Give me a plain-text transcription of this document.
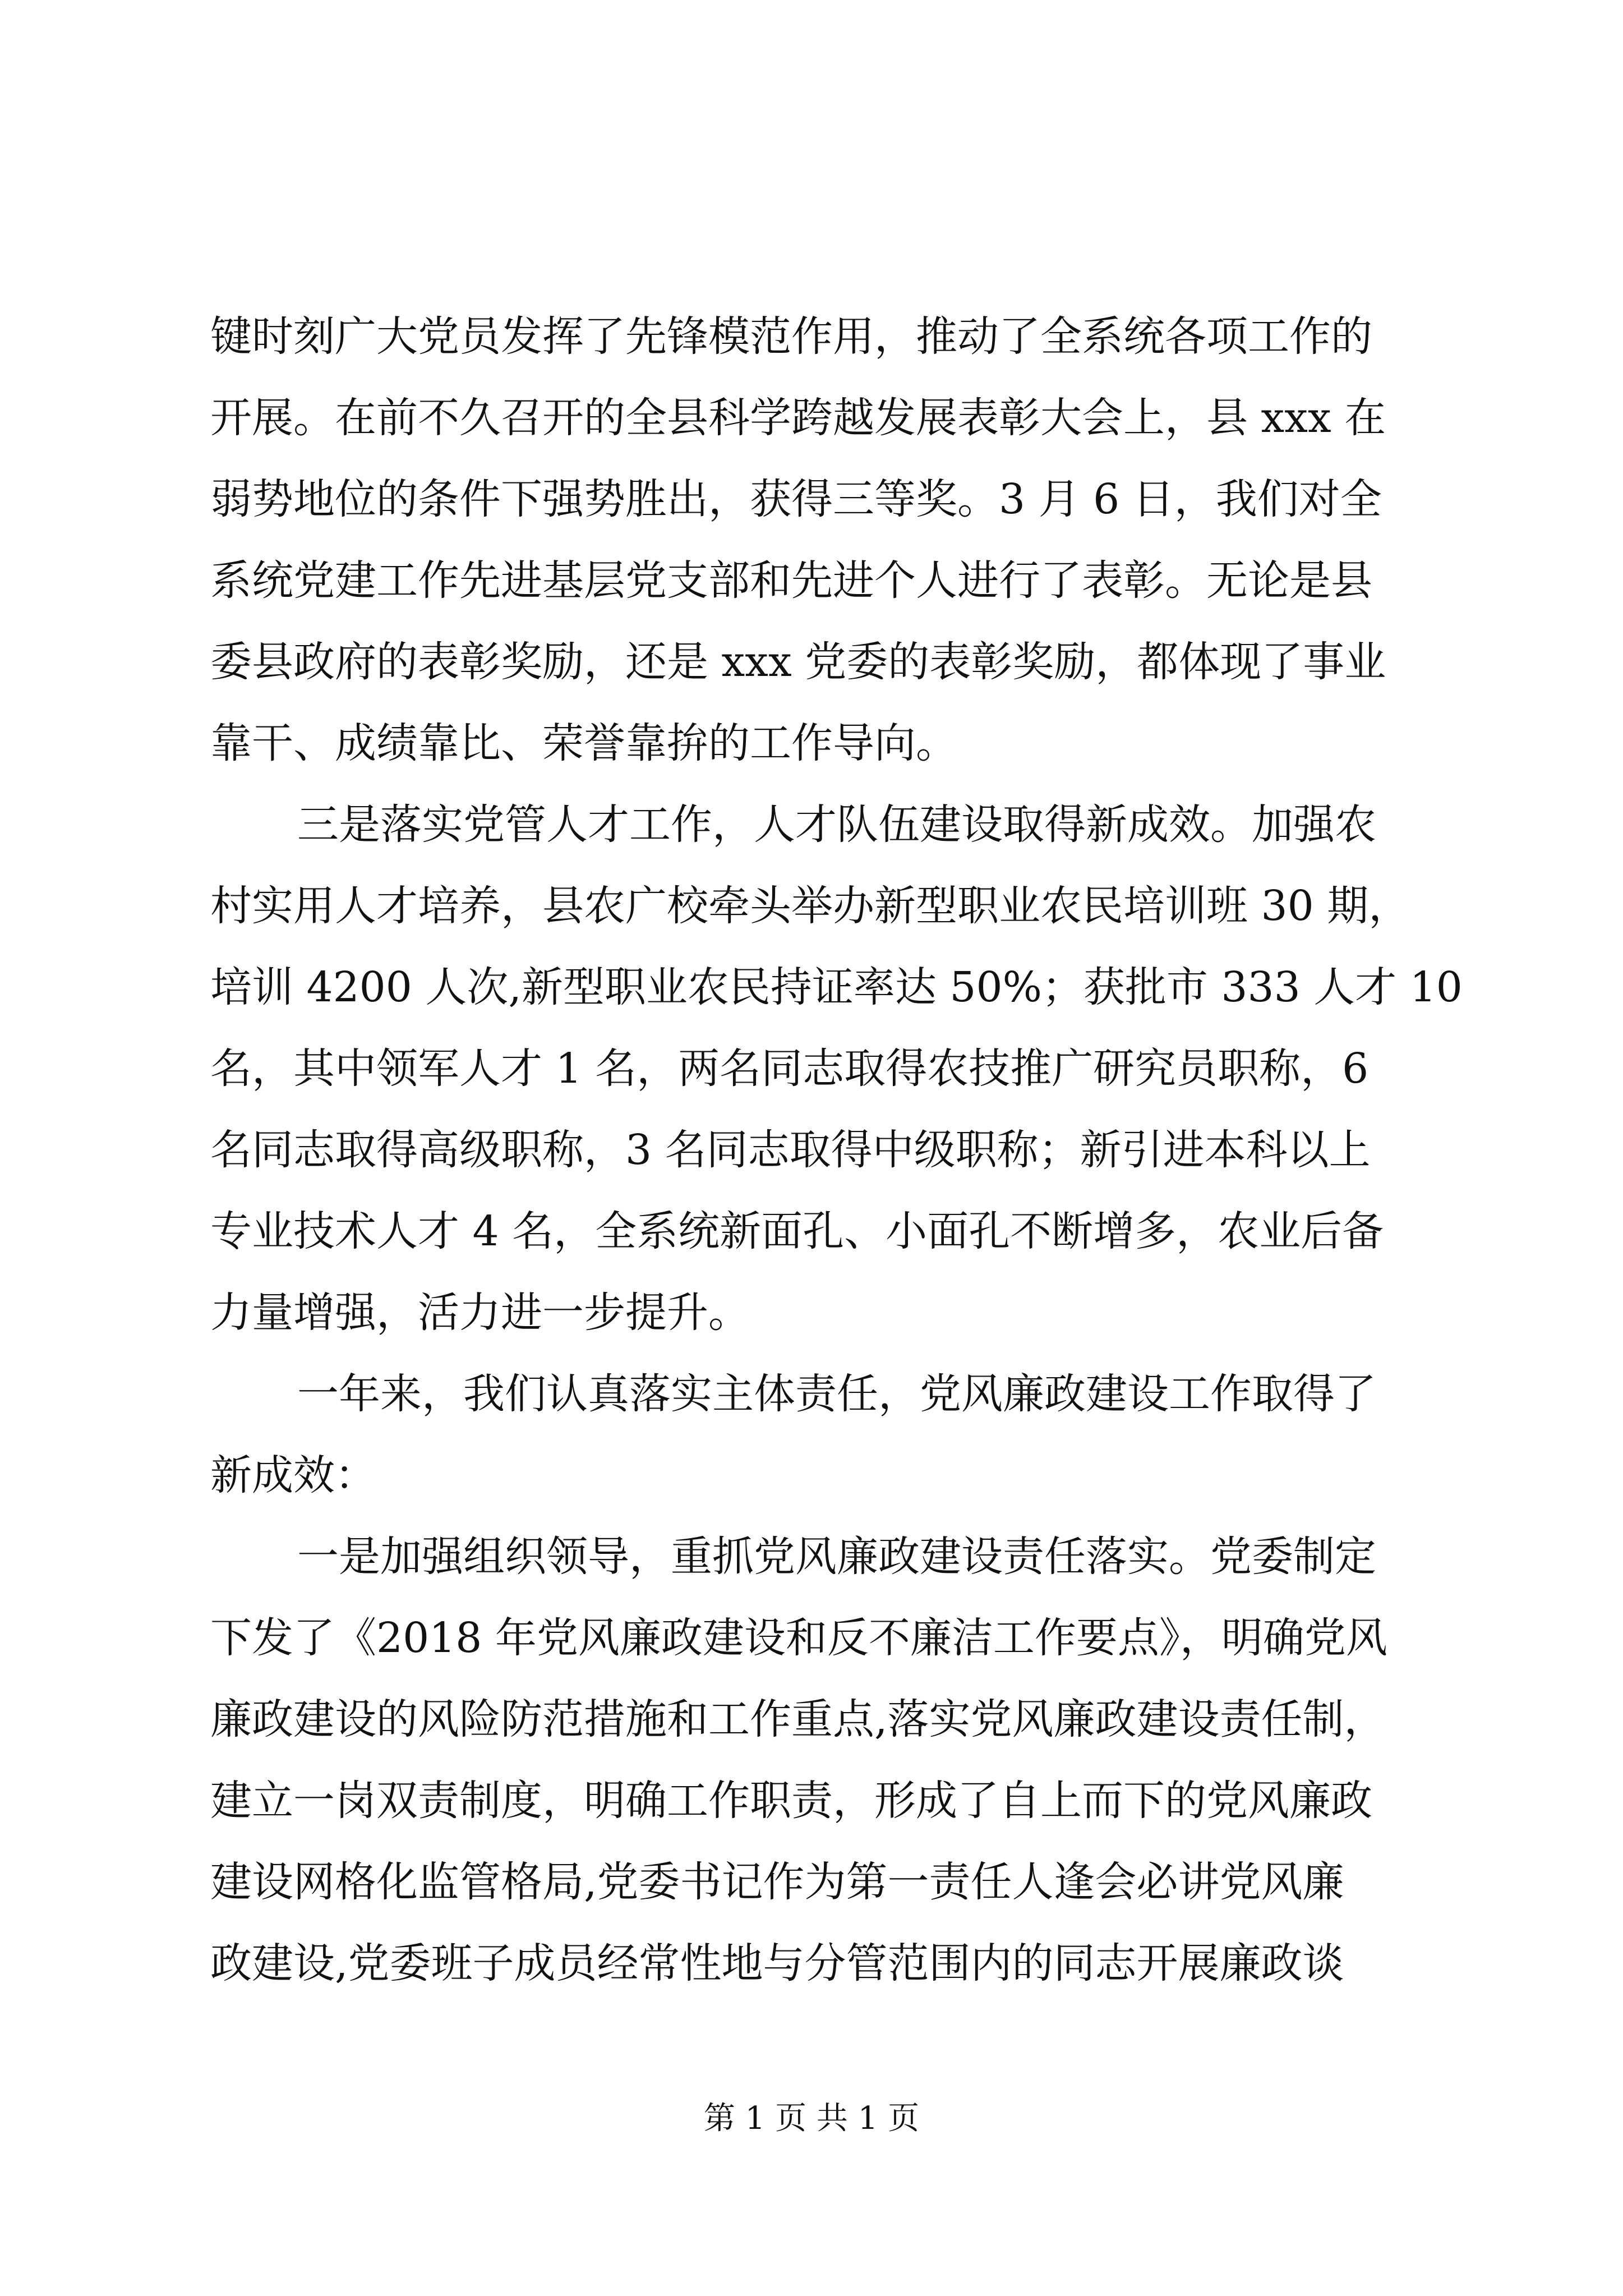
键时刻广大党员发挥了先锋模范作用，推动了全系统各项工作的
开展。在前不久召开的全县科学跨越发展表彰大会上，县 xxx 在
弱势地位的条件下强势胜出，获得三等奖。3 月 6 日，我们对全
系统党建工作先进基层党支部和先进个人进行了表彰。无论是县
委县政府的表彰奖励，还是 xxx 党委的表彰奖励，都体现了事业
靠干、成绩靠比、荣誉靠拚的工作导向。
三是落实党管人才工作，人才队伍建设取得新成效。加强农
村实用人才培养，县农广校牵头举办新型职业农民培训班 30 期，
培训 4200 人次,新型职业农民持证率达 50%；获批市 333 人才 10
名，其中领军人才 1 名，两名同志取得农技推广研究员职称，6
名同志取得高级职称，3 名同志取得中级职称；新引进本科以上
专业技术人才 4 名，全系统新面孔、小面孔不断增多，农业后备
力量增强，活力进一步提升。
一年来，我们认真落实主体责任，党风廉政建设工作取得了
新成效：
一是加强组织领导，重抓党风廉政建设责任落实。党委制定
下发了《2018 年党风廉政建设和反不廉洁工作要点》，明确党风
廉政建设的风险防范措施和工作重点,落实党风廉政建设责任制，
建立一岗双责制度，明确工作职责，形成了自上而下的党风廉政
建设网格化监管格局,党委书记作为第一责任人逢会必讲党风廉
政建设,党委班子成员经常性地与分管范围内的同志开展廉政谈
第 1 页 共 1 页
